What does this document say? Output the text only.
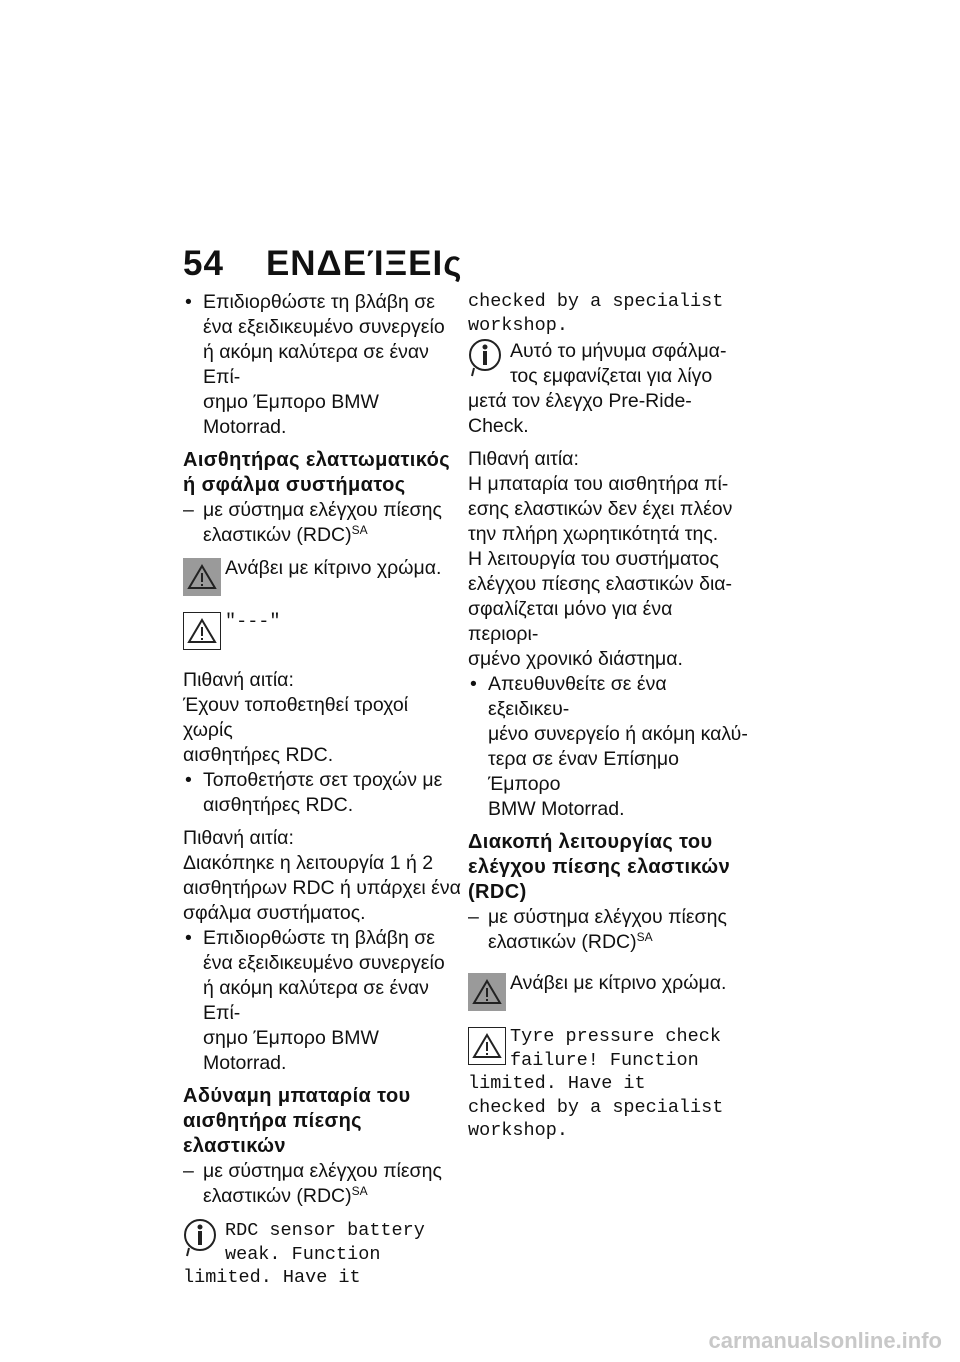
54 ΕΝΔΕΊΞΕΙς
• Επιδιορθώστε τη βλάβη σε
ένα εξειδικευμένο συνεργείο
ή ακόμη καλύτερα σε έναν Επί-
σημο Έμπορο BMW Motorrad.
Αισθητήρας ελαττωματικός
ή σφάλμα συστήματος
– με σύστημα ελέγχου πίεσης
ελαστικών (RDC)$^{SA}$
Ανάβει με κίτρινο χρώμα.
"---"
Πιθανή αιτία:
Έχουν τοποθετηθεί τροχοί χωρίς
αισθητήρες RDC.
• Τοποθετήστε σετ τροχών με
αισθητήρες RDC.
Πιθανή αιτία:
Διακόπηκε η λειτουργία 1 ή 2
αισθητήρων RDC ή υπάρχει ένα
σφάλμα συστήματος.
• Επιδιορθώστε τη βλάβη σε
ένα εξειδικευμένο συνεργείο
ή ακόμη καλύτερα σε έναν Επί-
σημο Έμπορο BMW Motorrad.
Αδύναμη μπαταρία του
αισθητήρα πίεσης ελαστικών
– με σύστημα ελέγχου πίεσης
ελαστικών (RDC)$^{SA}$
RDC sensor battery
weak. Function
limited. Have it
checked by a specialist
workshop.
Αυτό το μήνυμα σφάλμα-
τος εμφανίζεται για λίγο
μετά τον έλεγχο Pre-Ride-Check.
Πιθανή αιτία:
Η μπαταρία του αισθητήρα πί-
εσης ελαστικών δεν έχει πλέον
την πλήρη χωρητικότητά της.
Η λειτουργία του συστήματος
ελέγχου πίεσης ελαστικών δια-
σφαλίζεται μόνο για ένα περιορι-
σμένο χρονικό διάστημα.
• Απευθυνθείτε σε ένα εξειδικευ-
μένο συνεργείο ή ακόμη καλύ-
τερα σε έναν Επίσημο Έμπορο
BMW Motorrad.
Διακοπή λειτουργίας του
ελέγχου πίεσης ελαστικών
(RDC)
– με σύστημα ελέγχου πίεσης
ελαστικών (RDC)$^{SA}$
Ανάβει με κίτρινο χρώμα.
Tyre pressure check
failure! Function
limited. Have it
checked by a specialist
workshop.
carmanualsonline.info
